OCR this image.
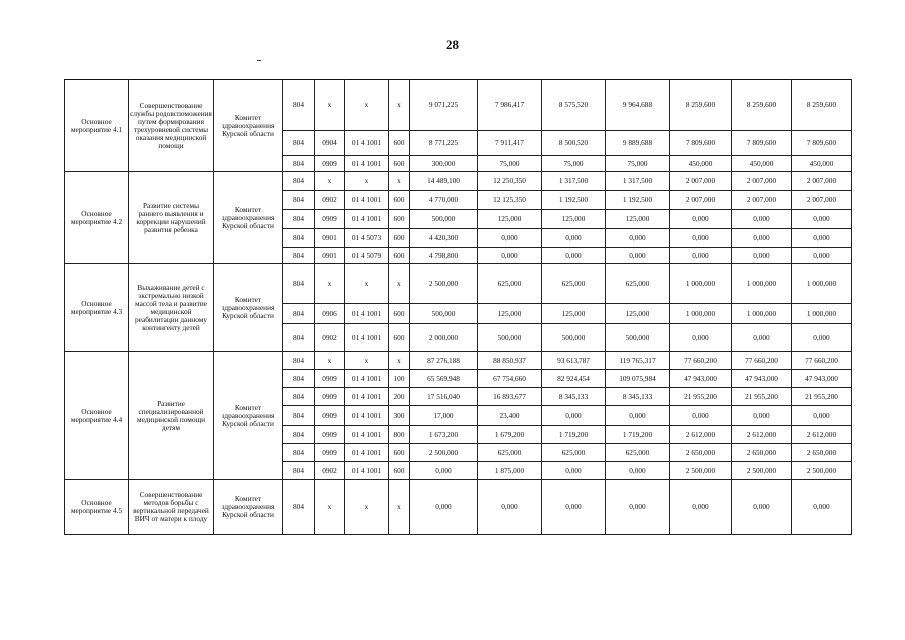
28
Основное мероприятие 4.1	Совершенствование службы родовспоможения путем формирования трехуровневой системы оказания медицинской помощи	Комитет здравоохранения Курской области	804	x	x	x	9 071,225	7 986,417	8 575,520	9 964,688	8 259,600	8 259,600	8 259,600
			804	0904	01 4 1001	600	8 771,225	7 911,417	8 500,520	9 889,688	7 809,600	7 809,600	7 809,600
			804	0909	01 4 1001	600	300,000	75,000	75,000	75,000	450,000	450,000	450,000
Основное мероприятие 4.2	Развитие системы раннего выявления и коррекции нарушений развития ребенка	Комитет здравоохранения Курской области	804	x	x	x	14 489,100	12 250,350	1 317,500	1 317,500	2 007,000	2 007,000	2 007,000
			804	0902	01 4 1001	600	4 770,000	12 125,350	1 192,500	1 192,500	2 007,000	2 007,000	2 007,000
			804	0909	01 4 1001	600	500,000	125,000	125,000	125,000	0,000	0,000	0,000
			804	0901	01 4 5073	600	4 420,300	0,000	0,000	0,000	0,000	0,000	0,000
			804	0901	01 4 5079	600	4 798,800	0,000	0,000	0,000	0,000	0,000	0,000
Основное мероприятие 4.3	Выхаживание детей с экстремально низкой массой тела и развитие медицинской реабилитации данному контингенту детей	Комитет здравоохранения Курской области	804	x	x	x	2 500,000	625,000	625,000	625,000	1 000,000	1 000,000	1 000,000
			804	0906	01 4 1001	600	500,000	125,000	125,000	125,000	1 000,000	1 000,000	1 000,000
			804	0902	01 4 1001	600	2 000,000	500,000	500,000	500,000	0,000	0,000	0,000
Основное мероприятие 4.4	Развитие специализированной медицинской помощи детям	Комитет здравоохранения Курской области	804	x	x	x	87 276,188	88 850,937	93 613,787	119 765,317	77 660,200	77 660,200	77 660,200
			804	0909	01 4 1001	100	65 569,948	67 754,660	82 924,454	109 075,984	47 943,000	47 943,000	47 943,000
			804	0909	01 4 1001	200	17 516,040	16 893,677	8 345,133	8 345,133	21 955,200	21 955,200	21 955,200
			804	0909	01 4 1001	300	17,000	23,400	0,000	0,000	0,000	0,000	0,000
			804	0909	01 4 1001	800	1 673,200	1 679,200	1 719,200	1 719,200	2 612,000	2 612,000	2 612,000
			804	0909	01 4 1001	600	2 500,000	625,000	625,000	625,000	2 650,000	2 650,000	2 650,000
			804	0902	01 4 1001	600	0,000	1 875,000	0,000	0,000	2 500,000	2 500,000	2 500,000
Основное мероприятие 4.5	Совершенствование методов борьбы с вертикальной передачей ВИЧ от матери к плоду	Комитет здравоохранения Курской области	804	x	x	x	0,000	0,000	0,000	0,000	0,000	0,000	0,000
